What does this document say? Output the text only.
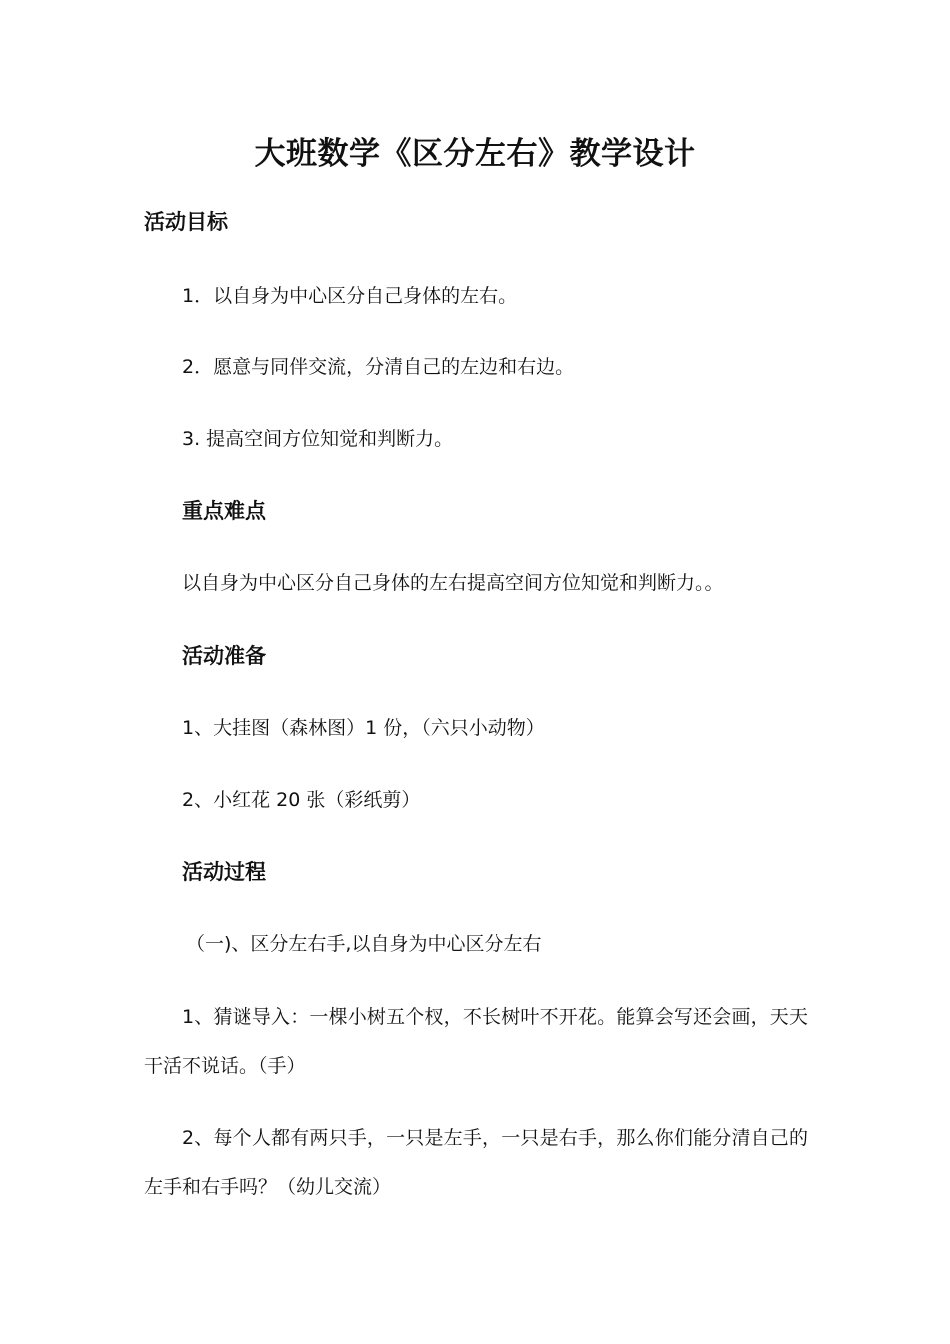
大班数学《区分左右》教学设计
活动目标
1．以自身为中心区分自己身体的左右。
2．愿意与同伴交流，分清自己的左边和右边。
3. 提高空间方位知觉和判断力。
重点难点
以自身为中心区分自己身体的左右提高空间方位知觉和判断力。。
活动准备
1、大挂图（森林图）1 份，（六只小动物）
2、小红花 20 张（彩纸剪）
活动过程
（一)、区分左右手,以自身为中心区分左右
1、猜谜导入：一棵小树五个杈，不长树叶不开花。能算会写还会画，天天干活不说话。（手）
2、每个人都有两只手，一只是左手，一只是右手，那么你们能分清自己的左手和右手吗？（幼儿交流）
